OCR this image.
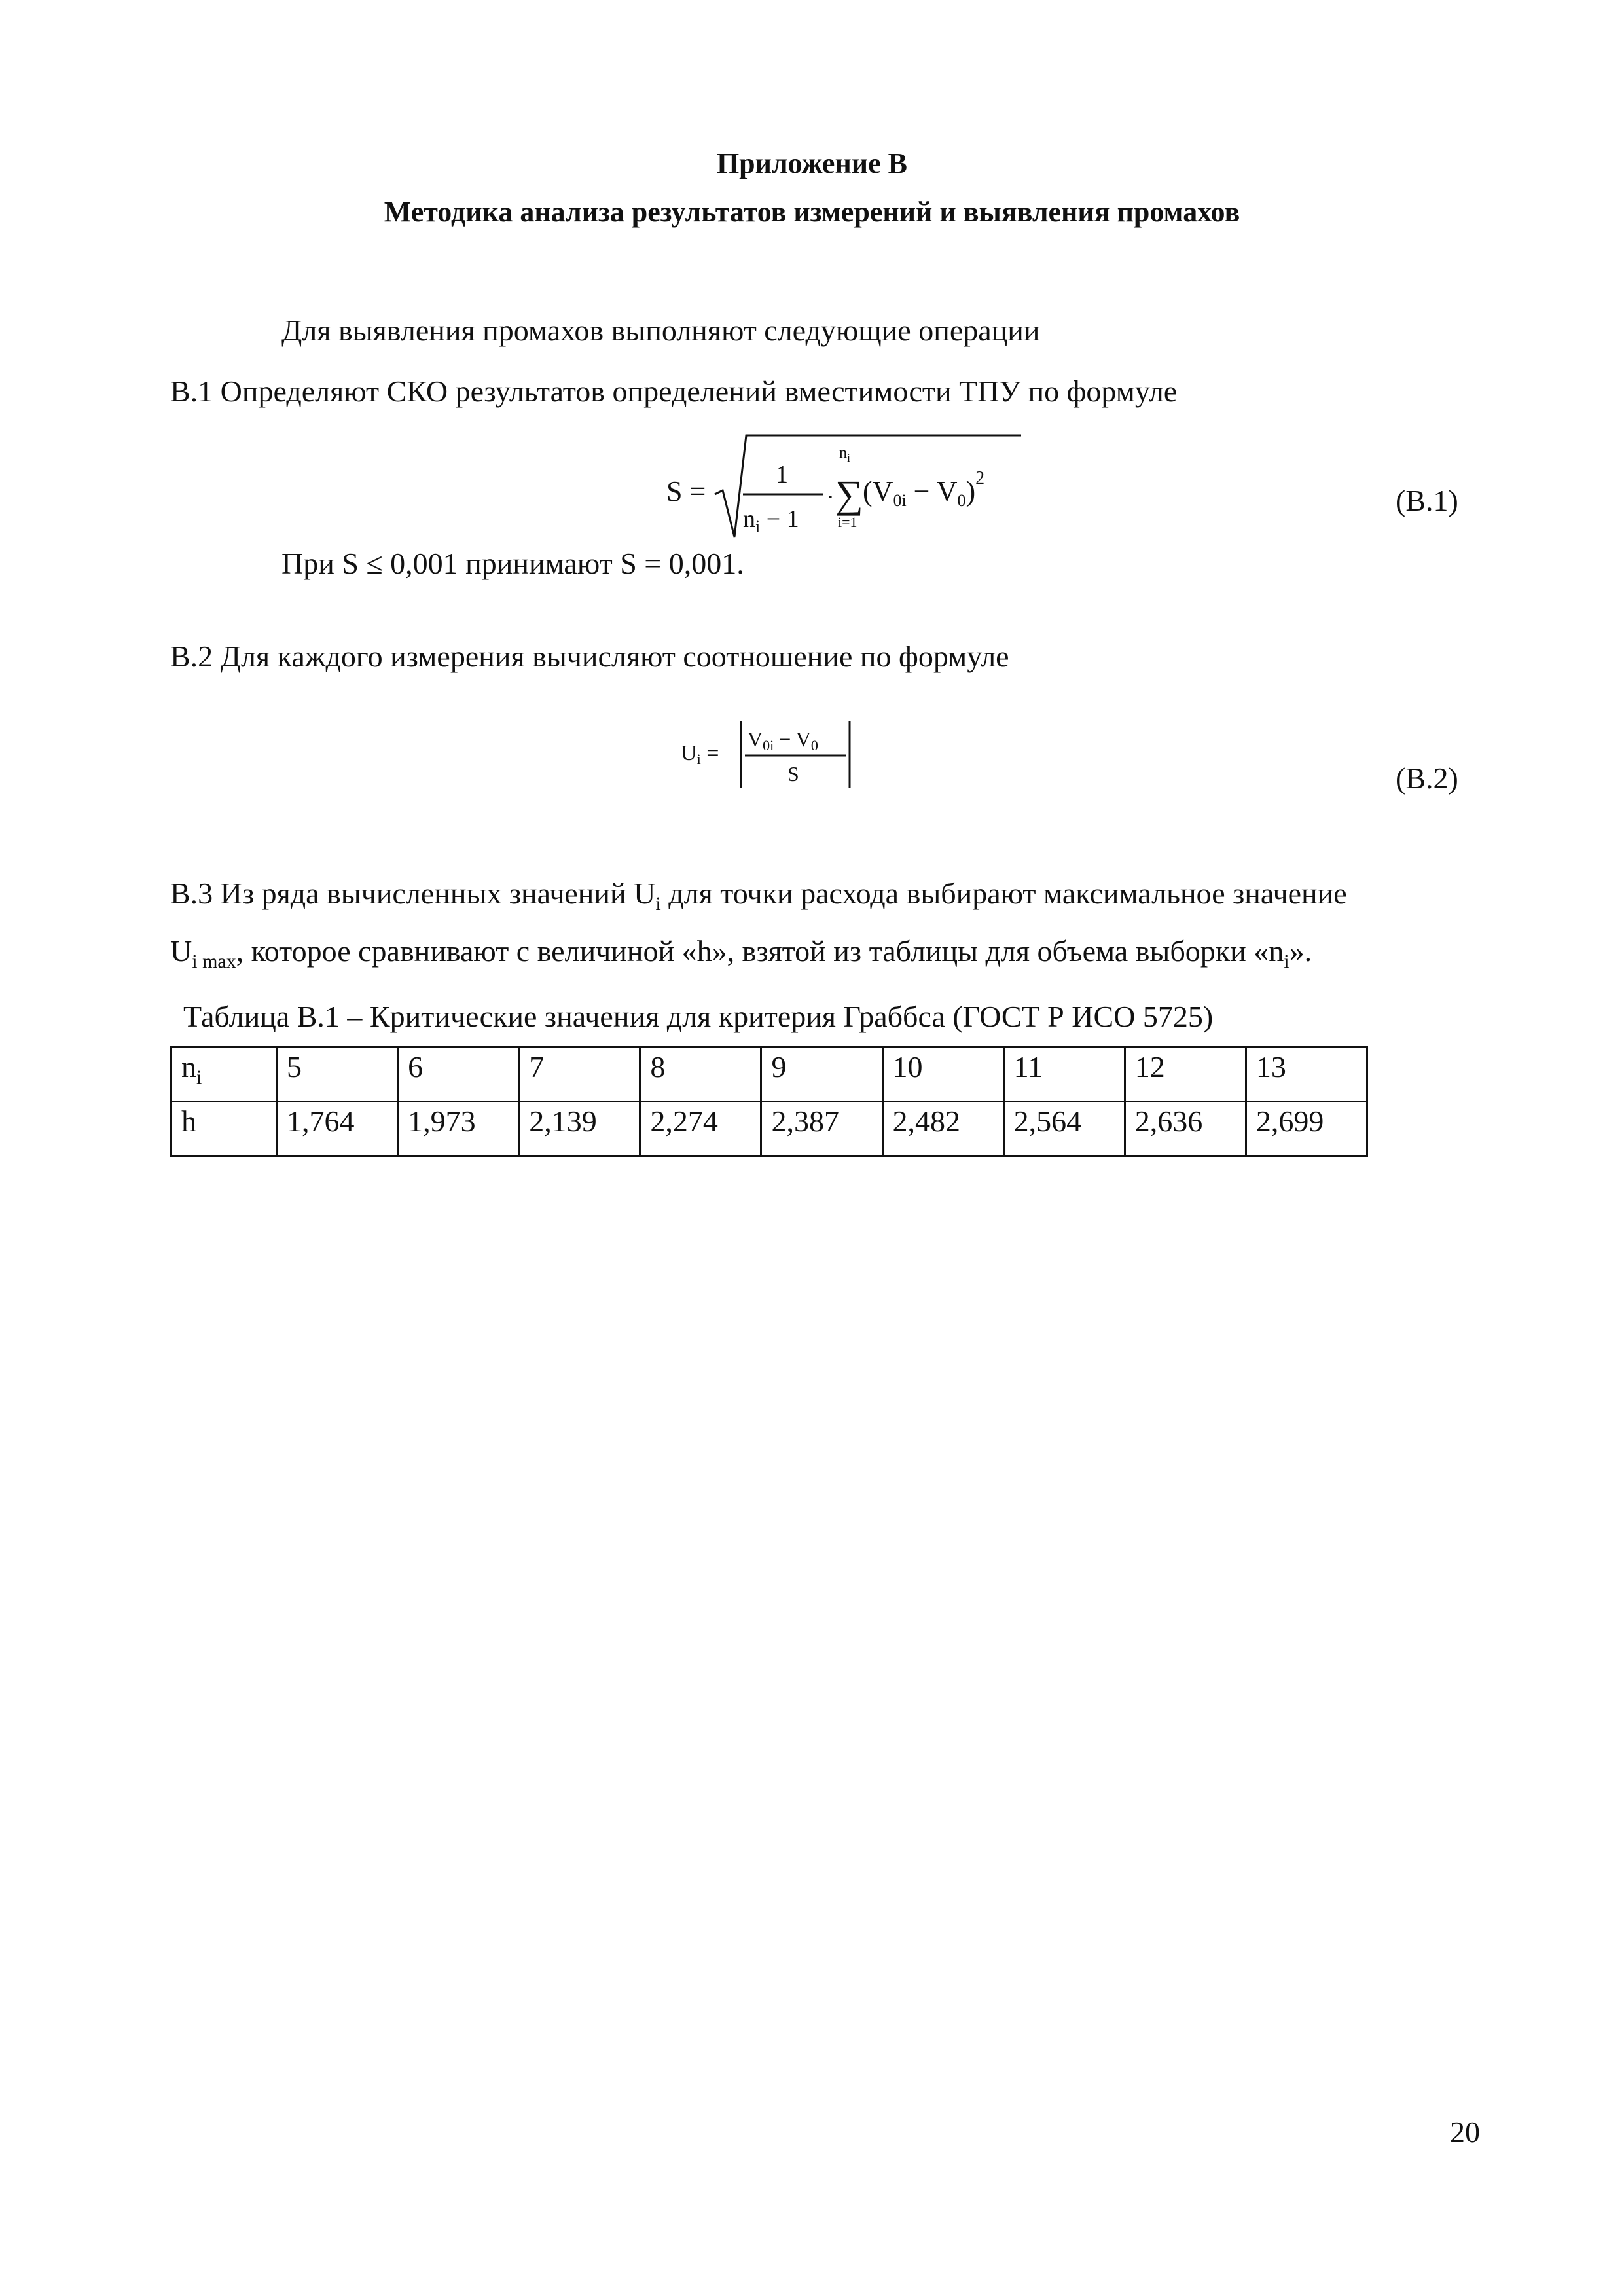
Приложение В
Методика анализа результатов измерений и выявления промахов
Для выявления промахов выполняют следующие операции
В.1 Определяют СКО результатов определений вместимости ТПУ по формуле
S =
1
$n_i - 1$
·
$n_i$
∑
i=1
$(V0i - V0)^2$
(В.1)
При S ≤ 0,001 принимают S = 0,001.
В.2 Для каждого измерения вычисляют соотношение по формуле
Ui =
V0i − V0
S	(В.2)
В.3 Из ряда вычисленных значений $U_i$ для точки расхода выбирают максимальное значение
$U_{i max}$, которое сравнивают с величиной «h», взятой из таблицы для объема выборки «$n_i$».
Таблица В.1 – Критические значения для критерия Граббса (ГОСТ Р ИСО 5725)
$n_i$	5	6	7	8	9	10	11	12	13
h	1,764	1,973	2,139	2,274	2,387	2,482	2,564	2,636	2,699
20
